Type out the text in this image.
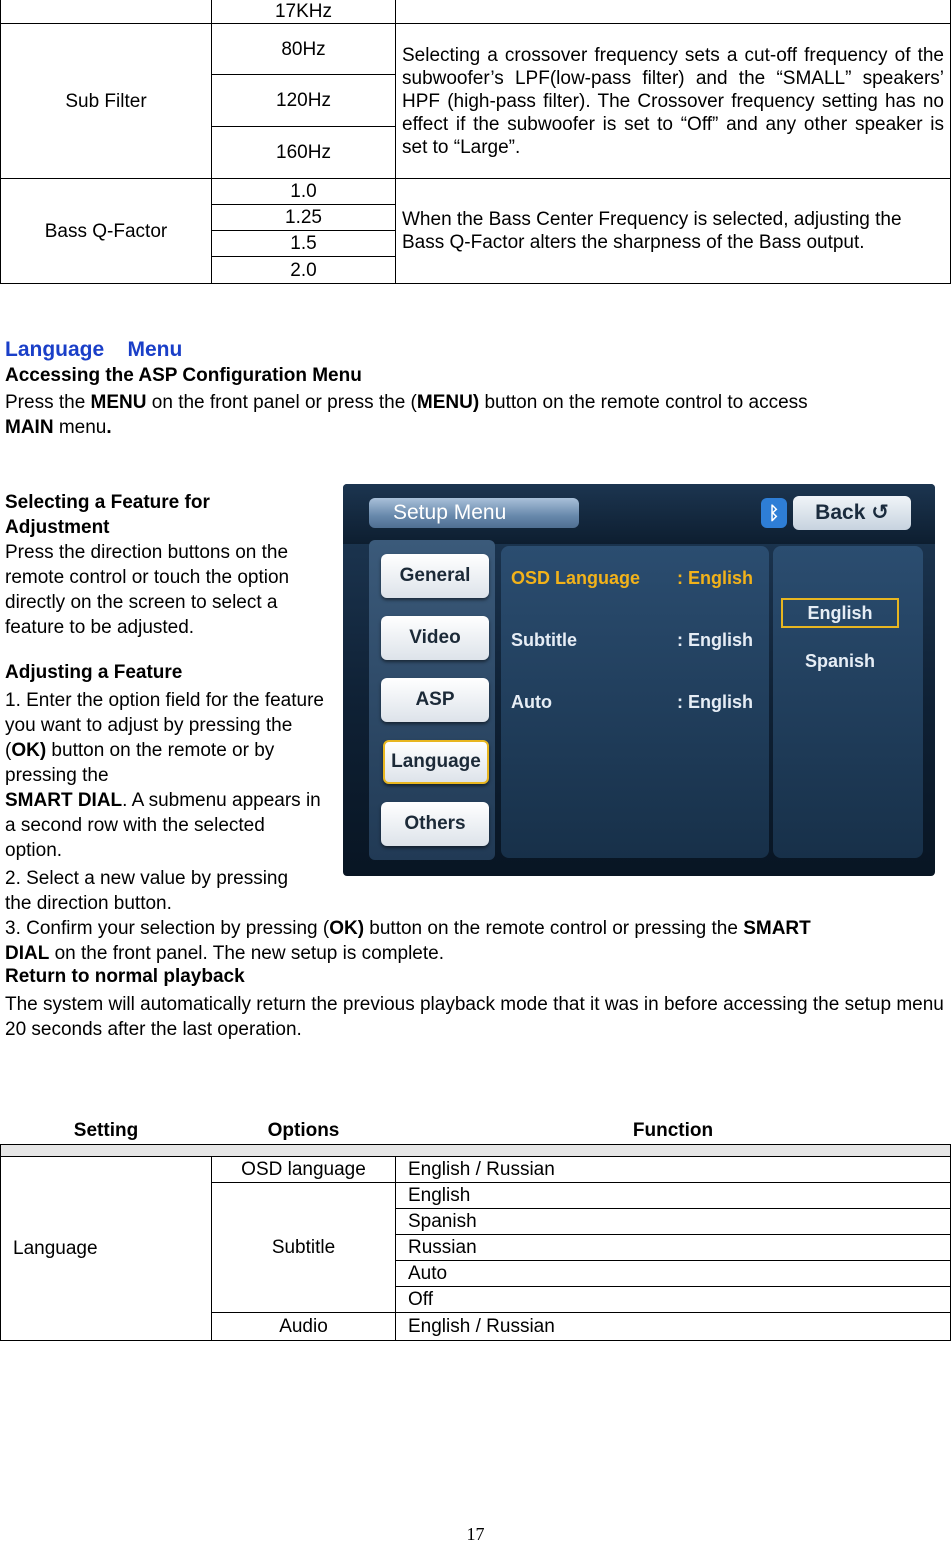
	17KHz	
Sub Filter	80Hz	Selecting a crossover frequency sets a cut-off frequency of the subwoofer’s LPF(low-pass filter) and the “SMALL” speakers’ HPF (high-pass filter). The Crossover frequency setting has no effect if the subwoofer is set to “Off” and any other speaker is set to “Large”.
	120Hz	
	160Hz	
Bass Q-Factor	1.0	When the Bass Center Frequency is selected, adjusting the Bass Q-Factor alters the sharpness of the Bass output.
	1.25	
	1.5	
	2.0	
Language    Menu
Accessing the ASP Configuration Menu
Press the MENU on the front panel or press the (MENU) button on the remote control to access
MAIN menu.
Selecting a Feature for
Adjustment
Press the direction buttons on the remote control or touch the option directly on the screen to select a feature to be adjusted.
Adjusting a Feature
1. Enter the option field for the feature you want to adjust by pressing the (OK) button on the remote or by pressing the
SMART DIAL. A submenu appears in a second row with the selected option.
2. Select a new value by pressing the direction button.
3. Confirm your selection by pressing (OK) button on the remote control or pressing the SMART
DIAL on the front panel. The new setup is complete.
Return to normal playback
The system will automatically return the previous playback mode that it was in before accessing the setup menu 20 seconds after the last operation.
Setup Menu	ᛒ	Back ↺
General
Video
ASP
Language
Others
OSD Language : English
Subtitle	: English
Auto	: English
English
Spanish
Setting	Options	Function

Language	OSD language	English / Russian
	Subtitle	English
		Spanish
		Russian
		Auto
		Off
	Audio	English / Russian
17
